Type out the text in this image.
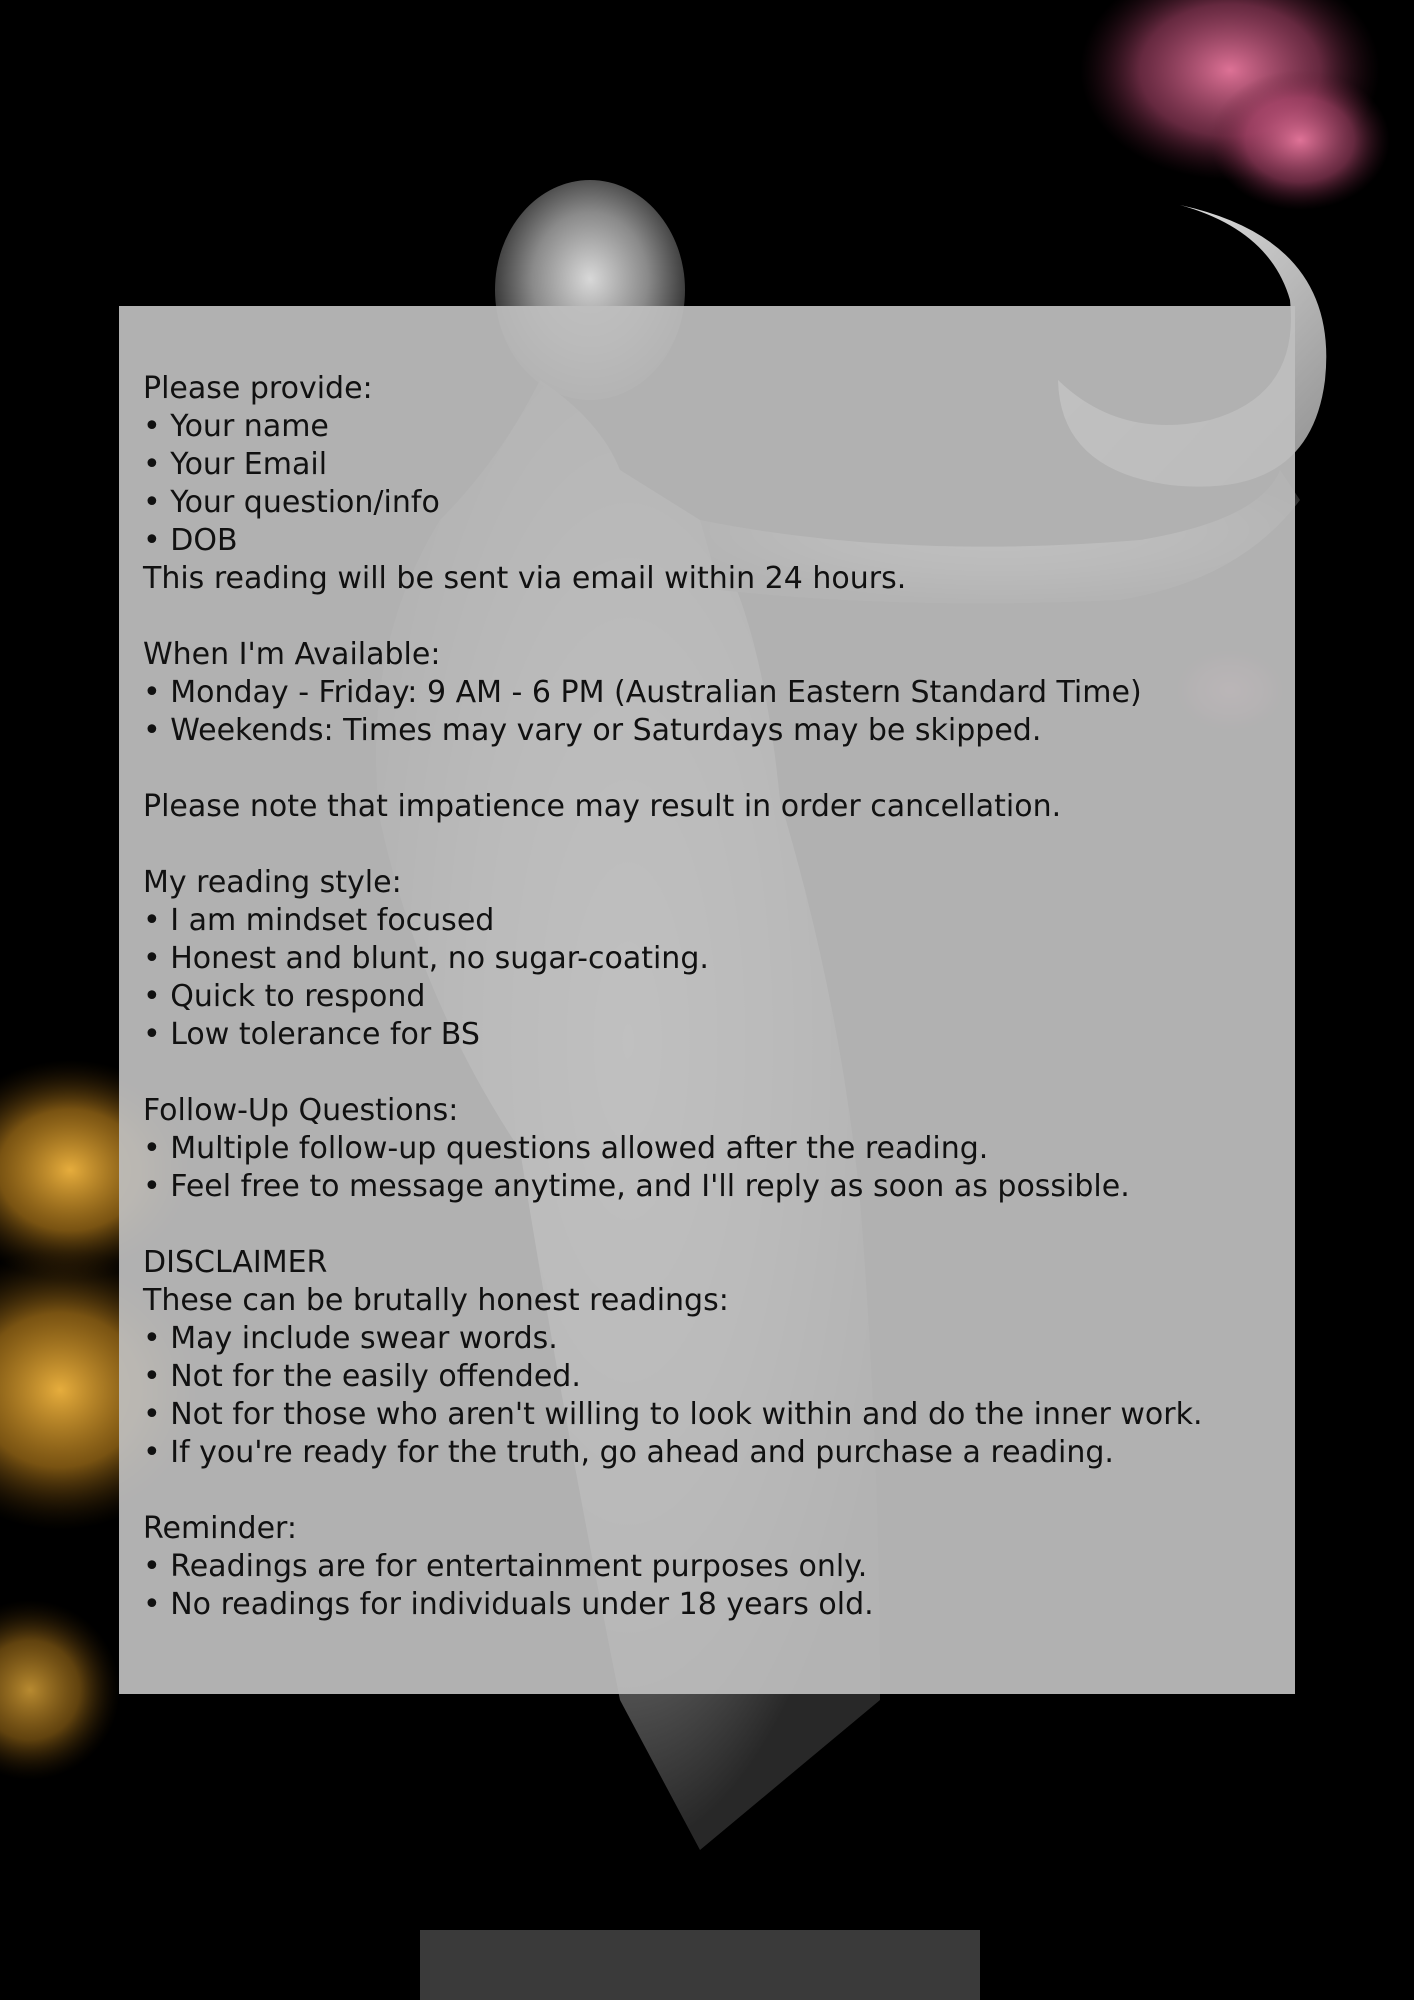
Please provide:
• Your name
• Your Email
• Your question/info
• DOB
This reading will be sent via email within 24 hours.
When I'm Available:
• Monday - Friday: 9 AM - 6 PM (Australian Eastern Standard Time)
• Weekends: Times may vary or Saturdays may be skipped.
Please note that impatience may result in order cancellation.
My reading style:
• I am mindset focused
• Honest and blunt, no sugar-coating.
• Quick to respond
• Low tolerance for BS
Follow-Up Questions:
• Multiple follow-up questions allowed after the reading.
• Feel free to message anytime, and I'll reply as soon as possible.
DISCLAIMER
These can be brutally honest readings:
• May include swear words.
• Not for the easily offended.
• Not for those who aren't willing to look within and do the inner work.
• If you're ready for the truth, go ahead and purchase a reading.
Reminder:
• Readings are for entertainment purposes only.
• No readings for individuals under 18 years old.
